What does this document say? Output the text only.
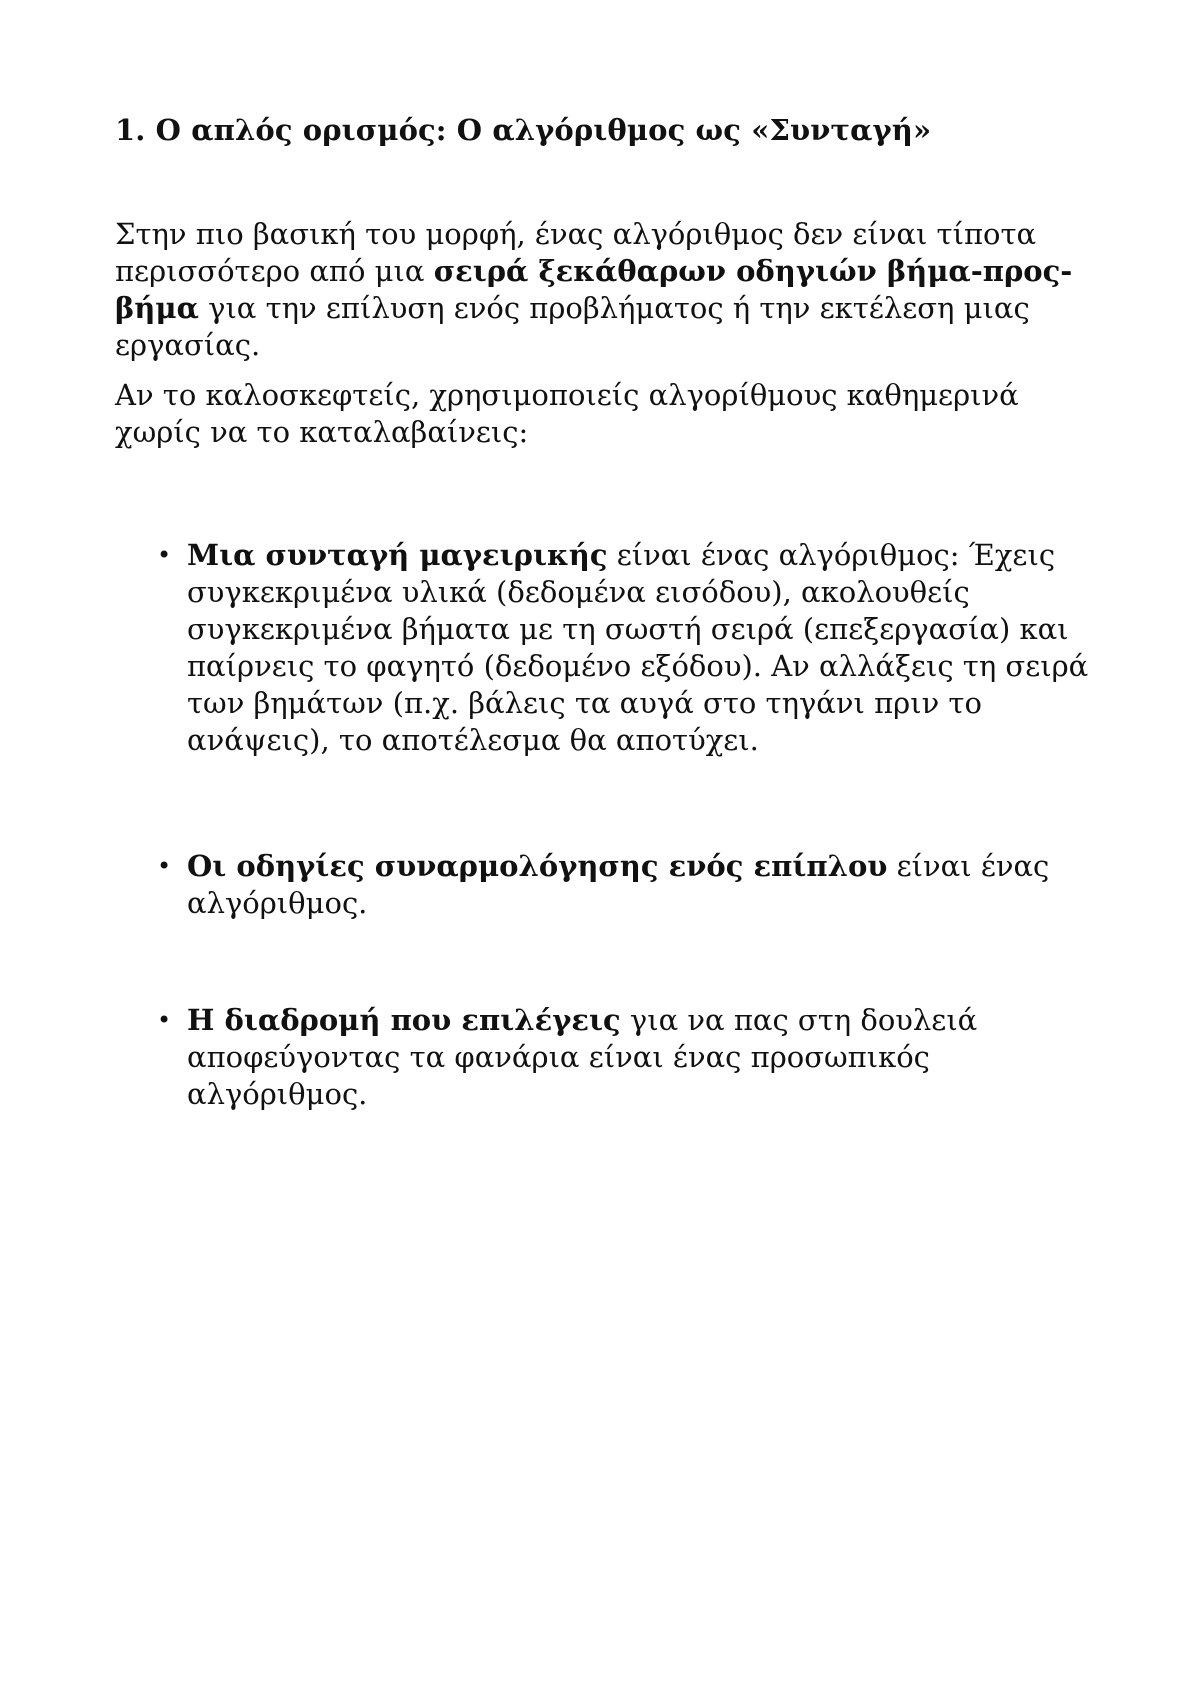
1. Ο απλός ορισμός: Ο αλγόριθμος ως «Συνταγή»

Στην πιο βασική του μορφή, ένας αλγόριθμος δεν είναι τίποτα περισσότερο από μια σειρά ξεκάθαρων οδηγιών βήμα-προς-βήμα για την επίλυση ενός προβλήματος ή την εκτέλεση μιας εργασίας.

Αν το καλοσκεφτείς, χρησιμοποιείς αλγορίθμους καθημερινά χωρίς να το καταλαβαίνεις:

• Μια συνταγή μαγειρικής είναι ένας αλγόριθμος: Έχεις συγκεκριμένα υλικά (δεδομένα εισόδου), ακολουθείς συγκεκριμένα βήματα με τη σωστή σειρά (επεξεργασία) και παίρνεις το φαγητό (δεδομένο εξόδου). Αν αλλάξεις τη σειρά των βημάτων (π.χ. βάλεις τα αυγά στο τηγάνι πριν το ανάψεις), το αποτέλεσμα θα αποτύχει.
• Οι οδηγίες συναρμολόγησης ενός επίπλου είναι ένας αλγόριθμος.
• Η διαδρομή που επιλέγεις για να πας στη δουλειά αποφεύγοντας τα φανάρια είναι ένας προσωπικός αλγόριθμος.
